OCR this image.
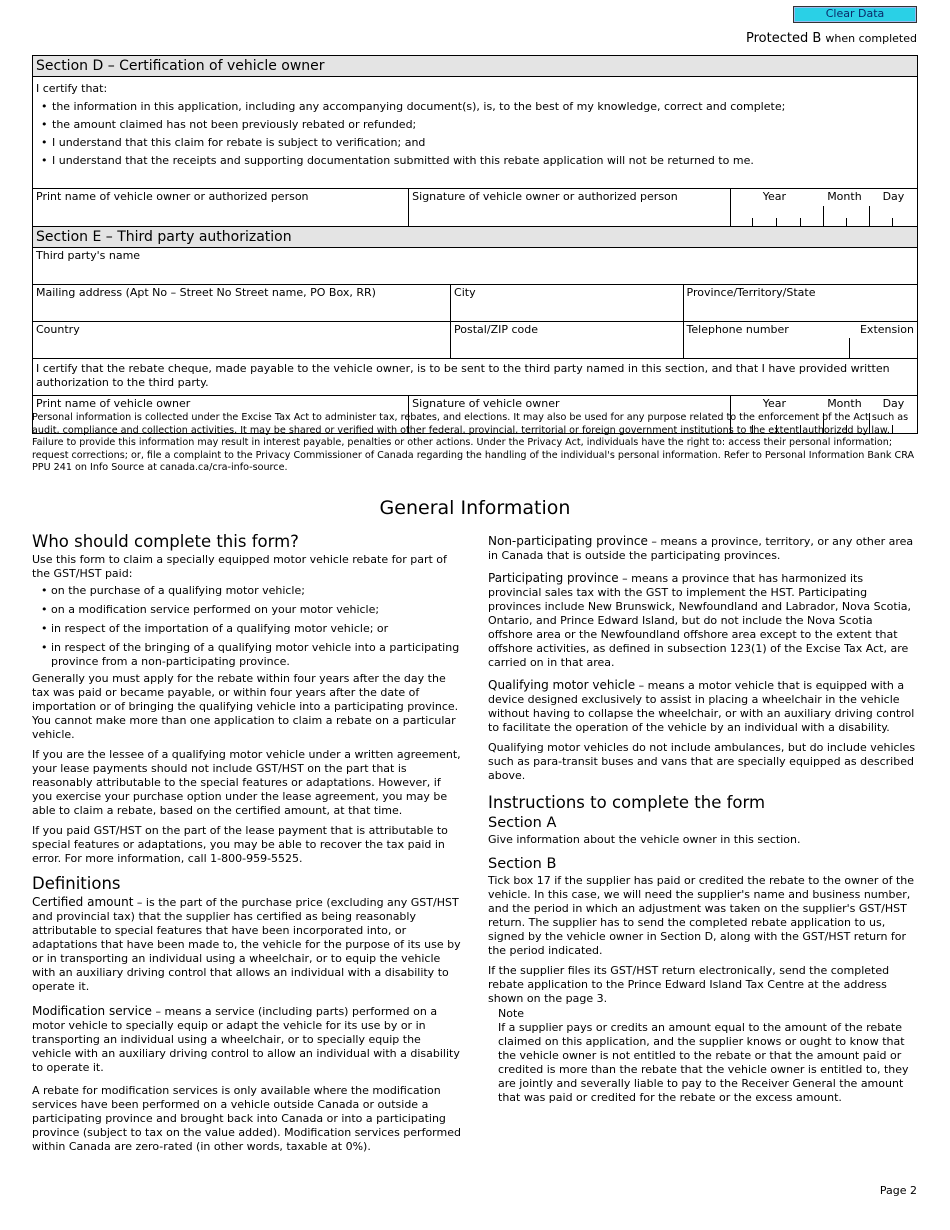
Clear Data
Protected B when completed
Section D – Certification of vehicle owner
I certify that:
• the information in this application, including any accompanying document(s), is, to the best of my knowledge, correct and complete;
• the amount claimed has not been previously rebated or refunded;
• I understand that this claim for rebate is subject to verification; and
• I understand that the receipts and supporting documentation submitted with this rebate application will not be returned to me.
Print name of vehicle owner or authorized person	Signature of vehicle owner or authorized person	Year	Month	Day
Section E – Third party authorization
Third party's name
Mailing address (Apt No – Street No Street name, PO Box, RR)	City	Province/Territory/State
Country	Postal/ZIP code	Telephone number	Extension
I certify that the rebate cheque, made payable to the vehicle owner, is to be sent to the third party named in this section, and that I have provided written authorization to the third party.
Print name of vehicle owner	Signature of vehicle owner	Year	Month	Day
Personal information is collected under the Excise Tax Act to administer tax, rebates, and elections. It may also be used for any purpose related to the enforcement of the Act such as audit, compliance and collection activities. It may be shared or verified with other federal, provincial, territorial or foreign government institutions to the extent authorized by law. Failure to provide this information may result in interest payable, penalties or other actions. Under the Privacy Act, individuals have the right to: access their personal information; request corrections; or, file a complaint to the Privacy Commissioner of Canada regarding the handling of the individual's personal information. Refer to Personal Information Bank CRA PPU 241 on Info Source at canada.ca/cra-info-source.
General Information
Who should complete this form?

Use this form to claim a specially equipped motor vehicle rebate for part of the GST/HST paid:

• on the purchase of a qualifying motor vehicle;
• on a modification service performed on your motor vehicle;
• in respect of the importation of a qualifying motor vehicle; or
• in respect of the bringing of a qualifying motor vehicle into a participating province from a non-participating province.

Generally you must apply for the rebate within four years after the day the tax was paid or became payable, or within four years after the date of importation or of bringing the qualifying vehicle into a participating province. You cannot make more than one application to claim a rebate on a particular vehicle.

If you are the lessee of a qualifying motor vehicle under a written agreement, your lease payments should not include GST/HST on the part that is reasonably attributable to the special features or adaptations. However, if you exercise your purchase option under the lease agreement, you may be able to claim a rebate, based on the certified amount, at that time.

If you paid GST/HST on the part of the lease payment that is attributable to special features or adaptations, you may be able to recover the tax paid in error. For more information, call 1-800-959-5525.

Definitions

Certified amount – is the part of the purchase price (excluding any GST/HST and provincial tax) that the supplier has certified as being reasonably attributable to special features that have been incorporated into, or adaptations that have been made to, the vehicle for the purpose of its use by or in transporting an individual using a wheelchair, or to equip the vehicle with an auxiliary driving control that allows an individual with a disability to operate it.

Modification service – means a service (including parts) performed on a motor vehicle to specially equip or adapt the vehicle for its use by or in transporting an individual using a wheelchair, or to specially equip the vehicle with an auxiliary driving control to allow an individual with a disability to operate it.

A rebate for modification services is only available where the modification services have been performed on a vehicle outside Canada or outside a participating province and brought back into Canada or into a participating province (subject to tax on the value added). Modification services performed within Canada are zero-rated (in other words, taxable at 0%).

Non-participating province – means a province, territory, or any other area in Canada that is outside the participating provinces.

Participating province – means a province that has harmonized its provincial sales tax with the GST to implement the HST. Participating provinces include New Brunswick, Newfoundland and Labrador, Nova Scotia, Ontario, and Prince Edward Island, but do not include the Nova Scotia offshore area or the Newfoundland offshore area except to the extent that offshore activities, as defined in subsection 123(1) of the Excise Tax Act, are carried on in that area.

Qualifying motor vehicle – means a motor vehicle that is equipped with a device designed exclusively to assist in placing a wheelchair in the vehicle without having to collapse the wheelchair, or with an auxiliary driving control to facilitate the operation of the vehicle by an individual with a disability.

Qualifying motor vehicles do not include ambulances, but do include vehicles such as para-transit buses and vans that are specially equipped as described above.

Instructions to complete the form
Section A

Give information about the vehicle owner in this section.

Section B

Tick box 17 if the supplier has paid or credited the rebate to the owner of the vehicle. In this case, we will need the supplier's name and business number, and the period in which an adjustment was taken on the supplier's GST/HST return. The supplier has to send the completed rebate application to us, signed by the vehicle owner in Section D, along with the GST/HST return for the period indicated.

If the supplier files its GST/HST return electronically, send the completed rebate application to the Prince Edward Island Tax Centre at the address shown on the page 3.

Note

If a supplier pays or credits an amount equal to the amount of the rebate claimed on this application, and the supplier knows or ought to know that the vehicle owner is not entitled to the rebate or that the amount paid or credited is more than the rebate that the vehicle owner is entitled to, they are jointly and severally liable to pay to the Receiver General the amount that was paid or credited for the rebate or the excess amount.

Page 2
